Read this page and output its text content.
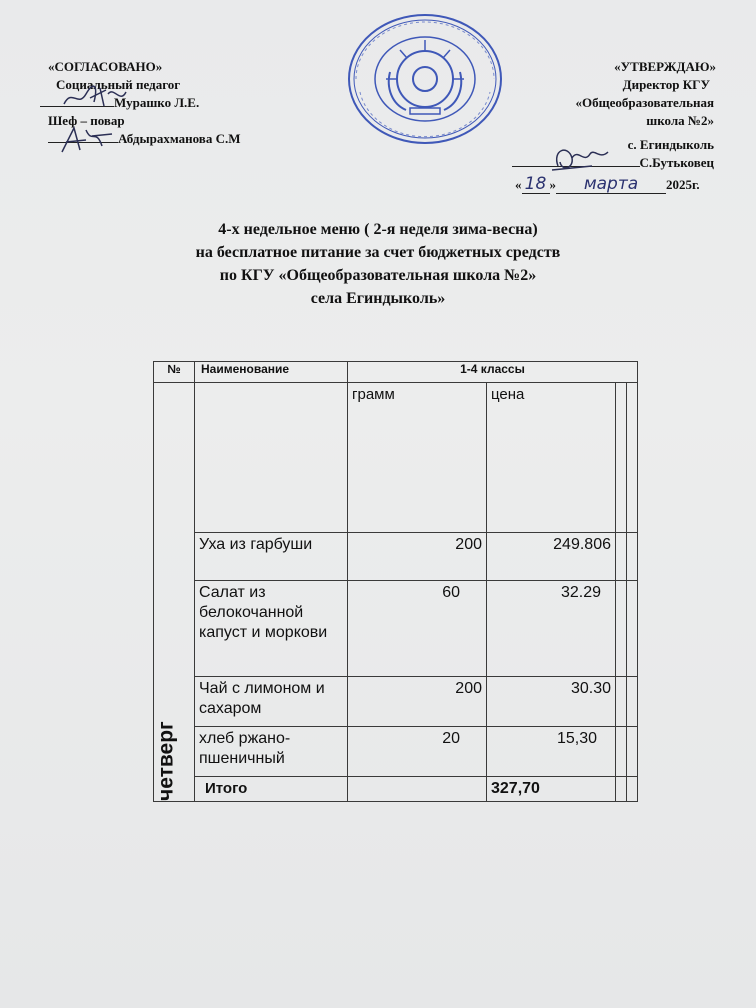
«СОГЛАСОВАНО»
Социальный педагог
Мурашко Л.Е.
Шеф – повар
Абдырахманова С.М
«УТВЕРЖДАЮ»
Директор КГУ
«Общеобразовательная
школа №2»
с. Егиндыколь
С.Бутьковец
« 18 » марта 2025г.
4-х недельное меню ( 2-я неделя зима-весна)
на бесплатное питание за счет бюджетных средств
по КГУ «Общеобразовательная школа №2»
села Егиндыколь»
№	Наименование	1-4 классы			
четверг		грамм	цена		
	Уха из гарбуши	200	249.806		
	Салат из белокочанной капуст и моркови	60	32.29		
	Чай с лимоном и сахаром	200	30.30		
	хлеб ржано-пшеничный	20	15,30		
	Итого		327,70		
